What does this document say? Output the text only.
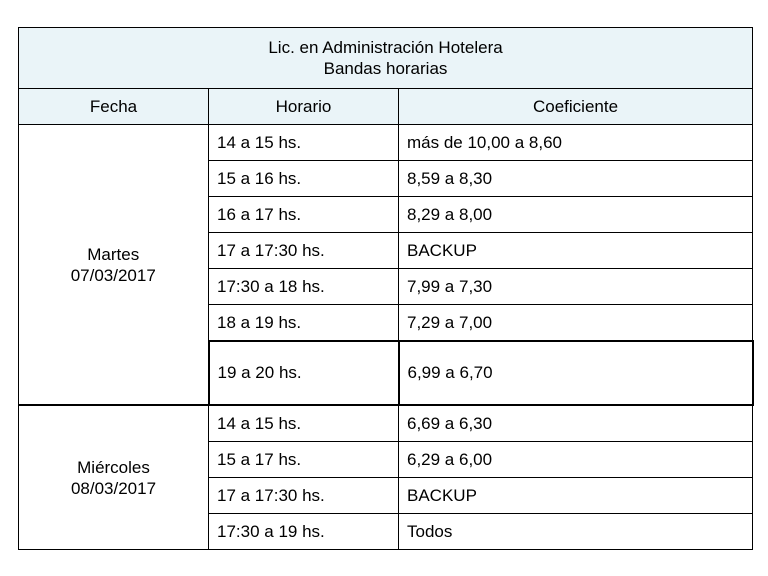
Lic. en Administración Hotelera
Bandas horarias		

Fecha	Horario	Coeficiente

Martes
07/03/2017	14 a 15 hs.	más de 10,00 a 8,60
	15 a 16 hs.	8,59 a 8,30
	16 a 17 hs.	8,29 a 8,00
	17 a 17:30 hs.	BACKUP
	17:30 a 18 hs.	7,99 a 7,30
	18 a 19 hs.	7,29 a 7,00
	19 a 20 hs.	6,99 a 6,70

Miércoles
08/03/2017	14 a 15 hs.	6,69 a 6,30
	15 a 17 hs.	6,29 a 6,00
	17 a 17:30 hs.	BACKUP
	17:30 a 19 hs.	Todos
